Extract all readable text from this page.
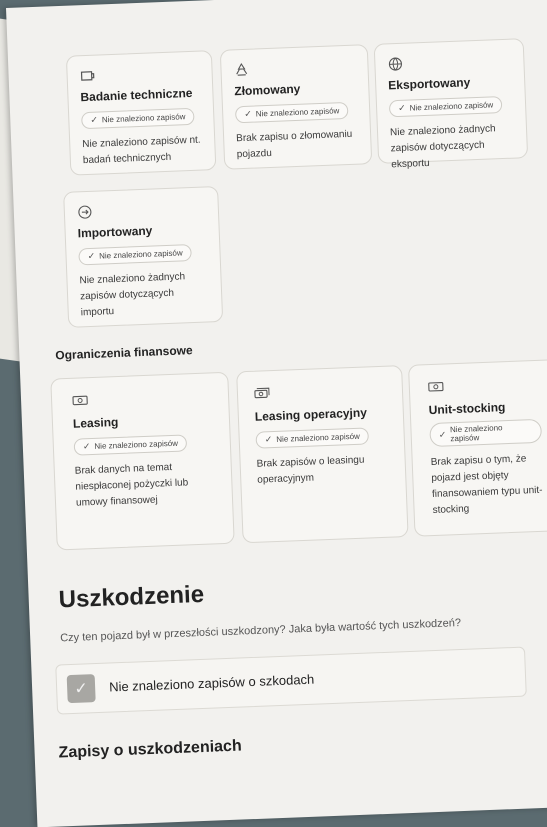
Badanie techniczne
✓ Nie znaleziono zapisów
Nie znaleziono zapisów nt. badań technicznych
Złomowany
✓ Nie znaleziono zapisów
Brak zapisu o złomowaniu pojazdu
Eksportowany
✓ Nie znaleziono zapisów
Nie znaleziono żadnych zapisów dotyczących eksportu
Importowany
✓ Nie znaleziono zapisów
Nie znaleziono żadnych zapisów dotyczących importu
Ograniczenia finansowe
Leasing
✓ Nie znaleziono zapisów
Brak danych na temat niespłaconej pożyczki lub umowy finansowej
Leasing operacyjny
✓ Nie znaleziono zapisów
Brak zapisów o leasingu operacyjnym
Unit-stocking
✓ Nie znaleziono zapisów
Brak zapisu o tym, że pojazd jest objęty finansowaniem typu unit-stocking
Uszkodzenie
Czy ten pojazd był w przeszłości uszkodzony? Jaka była wartość tych uszkodzeń?
✓ Nie znaleziono zapisów o szkodach
Zapisy o uszkodzeniach
